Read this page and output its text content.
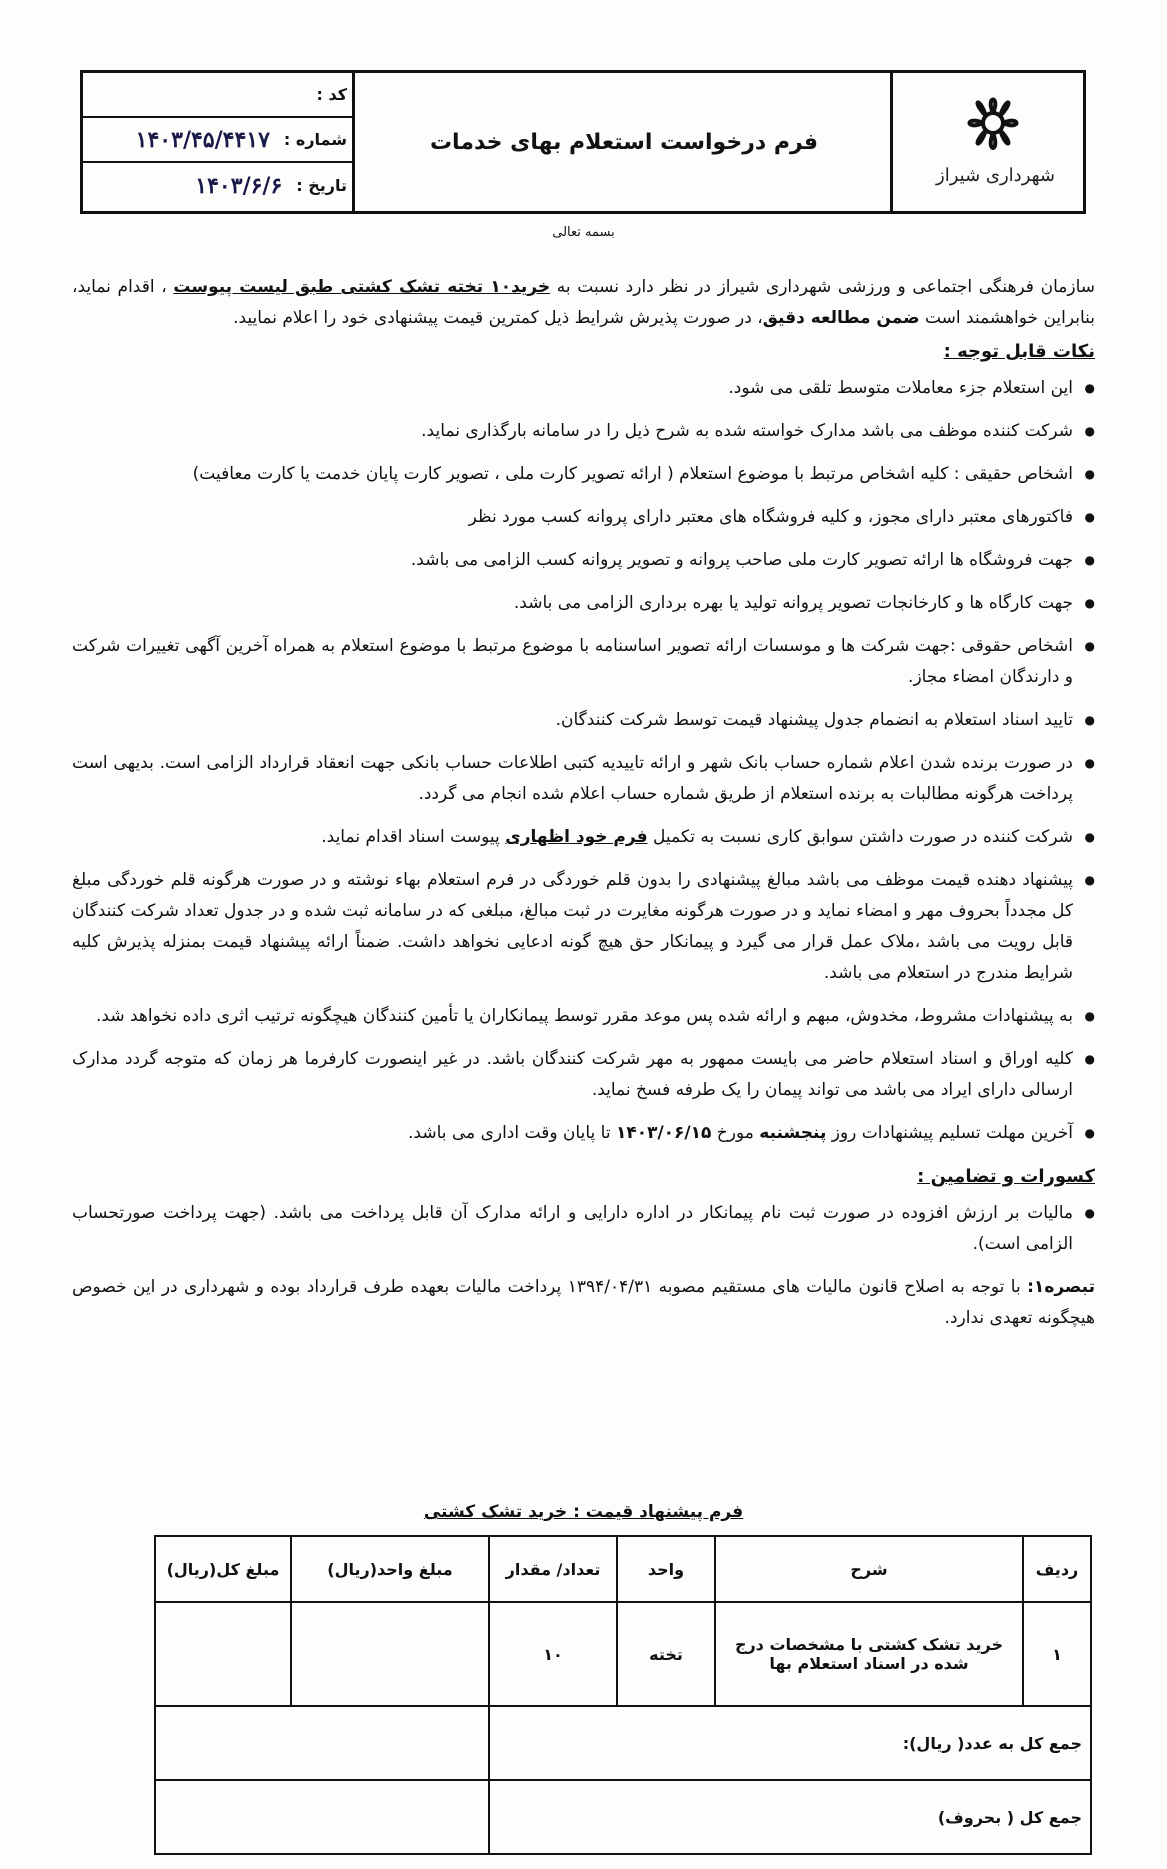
شهرداری شیراز
فرم درخواست استعلام بهای خدمات
کد :
شماره :
۱۴۰۳/۴۵/۴۴۱۷
تاریخ :
۱۴۰۳/۶/۶
بسمه تعالی

سازمان فرهنگی اجتماعی و ورزشی شهرداری شیراز در نظر دارد نسبت به خرید۱۰ تخته تشک کشتی طبق لیست پیوست ، اقدام نماید، بنابراین خواهشمند است ضمن مطالعه دقیق، در صورت پذیرش شرایط ذیل کمترین قیمت پیشنهادی خود را اعلام نمایید.

نکات قابل توجه :
● این استعلام جزء معاملات متوسط تلقی می شود.
● شرکت کننده موظف می باشد مدارک خواسته شده به شرح ذیل را در سامانه بارگذاری نماید.
● اشخاص حقیقی : کلیه اشخاص مرتبط با موضوع استعلام ( ارائه تصویر کارت ملی ، تصویر کارت پایان خدمت یا کارت معافیت)
● فاکتورهای معتبر دارای مجوز، و کلیه فروشگاه های معتبر دارای پروانه کسب مورد نظر
● جهت فروشگاه ها ارائه تصویر کارت ملی صاحب پروانه و تصویر پروانه کسب الزامی می باشد.
● جهت کارگاه ها و کارخانجات تصویر پروانه تولید یا بهره برداری الزامی می باشد.
● اشخاص حقوقی :جهت شرکت ها و موسسات ارائه تصویر اساسنامه با موضوع مرتبط با موضوع استعلام به همراه آخرین آگهی تغییرات شرکت و دارندگان امضاء مجاز.
● تایید اسناد استعلام به انضمام جدول پیشنهاد قیمت توسط شرکت کنندگان.
● در صورت برنده شدن اعلام شماره حساب بانک شهر و ارائه تاییدیه کتبی اطلاعات حساب بانکی جهت انعقاد قرارداد الزامی است. بدیهی است پرداخت هرگونه مطالبات به برنده استعلام از طریق شماره حساب اعلام شده انجام می گردد.
● شرکت کننده در صورت داشتن سوابق کاری نسبت به تکمیل فرم خود اظهاری پیوست اسناد اقدام نماید.
● پیشنهاد دهنده قیمت موظف می باشد مبالغ پیشنهادی را بدون قلم خوردگی در فرم استعلام بهاء نوشته و در صورت هرگونه قلم خوردگی مبلغ کل مجدداً بحروف مهر و امضاء نماید و در صورت هرگونه مغایرت در ثبت مبالغ، مبلغی که در سامانه ثبت شده و در جدول تعداد شرکت کنندگان قابل رویت می باشد ،ملاک عمل قرار می گیرد و پیمانکار حق هیچ گونه ادعایی نخواهد داشت. ضمناً ارائه پیشنهاد قیمت بمنزله پذیرش کلیه شرایط مندرج در استعلام می باشد.
● به پیشنهادات مشروط، مخدوش، مبهم و ارائه شده پس موعد مقرر توسط پیمانکاران یا تأمین کنندگان هیچگونه ترتیب اثری داده نخواهد شد.
● کلیه اوراق و اسناد استعلام حاضر می بایست ممهور به مهر شرکت کنندگان باشد. در غیر اینصورت کارفرما هر زمان که متوجه گردد مدارک ارسالی دارای ایراد می باشد می تواند پیمان را یک طرفه فسخ نماید.
● آخرین مهلت تسلیم پیشنهادات روز پنجشنبه مورخ ۱۴۰۳/۰۶/۱۵ تا پایان وقت اداری می باشد.
کسورات و تضامین :
● مالیات بر ارزش افزوده در صورت ثبت نام پیمانکار در اداره دارایی و ارائه مدارک آن قابل پرداخت می باشد. (جهت پرداخت صورتحساب الزامی است).

تبصره۱: با توجه به اصلاح قانون مالیات های مستقیم مصوبه ۱۳۹۴/۰۴/۳۱ پرداخت مالیات بعهده طرف قرارداد بوده و شهرداری در این خصوص هیچگونه تعهدی ندارد.

فرم پیشنهاد قیمت : خرید تشک کشتی
ردیف	شرح	واحد	تعداد/ مقدار	مبلغ واحد(ریال)	مبلغ کل(ریال)
۱	خرید تشک کشتی با مشخصات درج شده در اسناد استعلام بها	تخته	۱۰		
جمع کل به عدد( ریال):					
جمع کل ( بحروف)					
